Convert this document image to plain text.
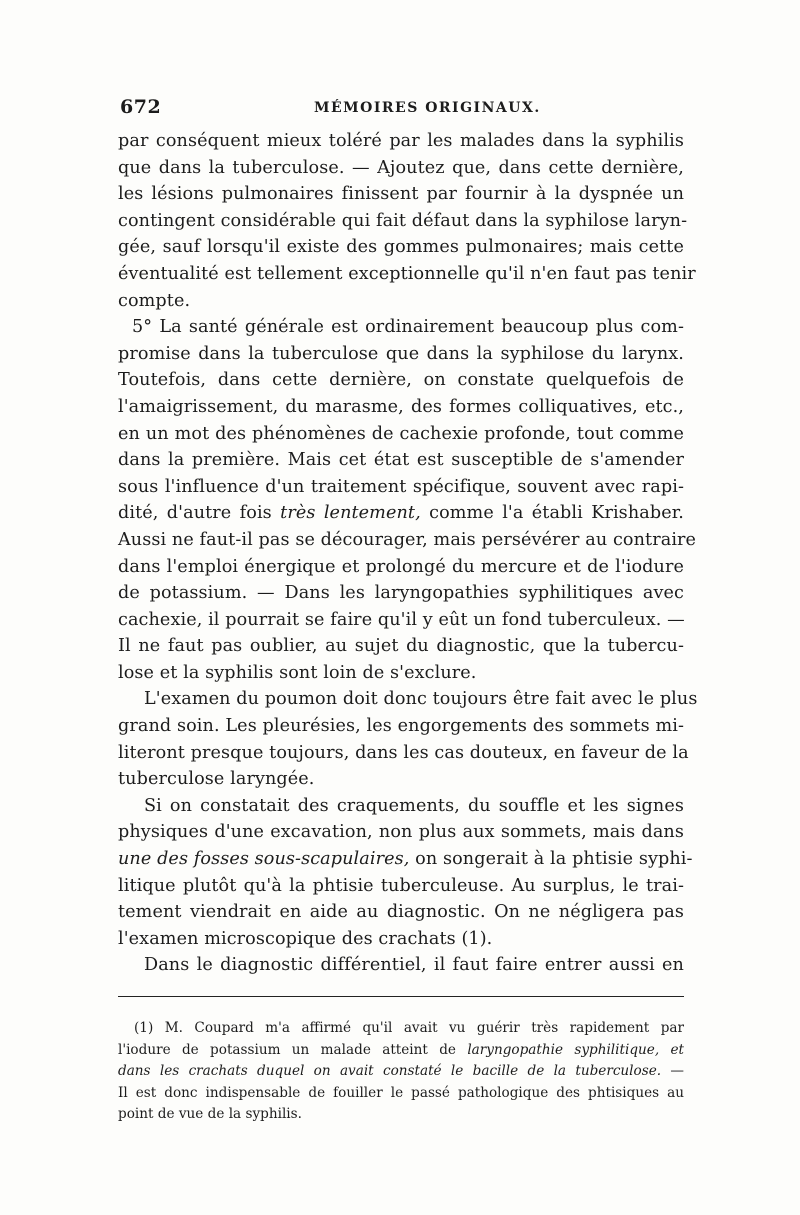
672	MÉMOIRES ORIGINAUX.
par conséquent mieux toléré par les malades dans la syphilis
que dans la tuberculose. — Ajoutez que, dans cette dernière,
les lésions pulmonaires finissent par fournir à la dyspnée un
contingent considérable qui fait défaut dans la syphilose laryn-
gée, sauf lorsqu'il existe des gommes pulmonaires; mais cette
éventualité est tellement exceptionnelle qu'il n'en faut pas tenir
compte.
5° La santé générale est ordinairement beaucoup plus com-
promise dans la tuberculose que dans la syphilose du larynx.
Toutefois, dans cette dernière, on constate quelquefois de
l'amaigrissement, du marasme, des formes colliquatives, etc.,
en un mot des phénomènes de cachexie profonde, tout comme
dans la première. Mais cet état est susceptible de s'amender
sous l'influence d'un traitement spécifique, souvent avec rapi-
dité, d'autre fois très lentement, comme l'a établi Krishaber.
Aussi ne faut-il pas se décourager, mais persévérer au contraire
dans l'emploi énergique et prolongé du mercure et de l'iodure
de potassium. — Dans les laryngopathies syphilitiques avec
cachexie, il pourrait se faire qu'il y eût un fond tuberculeux. —
Il ne faut pas oublier, au sujet du diagnostic, que la tubercu-
lose et la syphilis sont loin de s'exclure.
L'examen du poumon doit donc toujours être fait avec le plus
grand soin. Les pleurésies, les engorgements des sommets mi-
literont presque toujours, dans les cas douteux, en faveur de la
tuberculose laryngée.
Si on constatait des craquements, du souffle et les signes
physiques d'une excavation, non plus aux sommets, mais dans
une des fosses sous-scapulaires, on songerait à la phtisie syphi-
litique plutôt qu'à la phtisie tuberculeuse. Au surplus, le trai-
tement viendrait en aide au diagnostic. On ne négligera pas
l'examen microscopique des crachats (1).
Dans le diagnostic différentiel, il faut faire entrer aussi en
(1) M. Coupard m'a affirmé qu'il avait vu guérir très rapidement par
l'iodure de potassium un malade atteint de laryngopathie syphilitique, et
dans les crachats duquel on avait constaté le bacille de la tuberculose. —
Il est donc indispensable de fouiller le passé pathologique des phtisiques au
point de vue de la syphilis.
